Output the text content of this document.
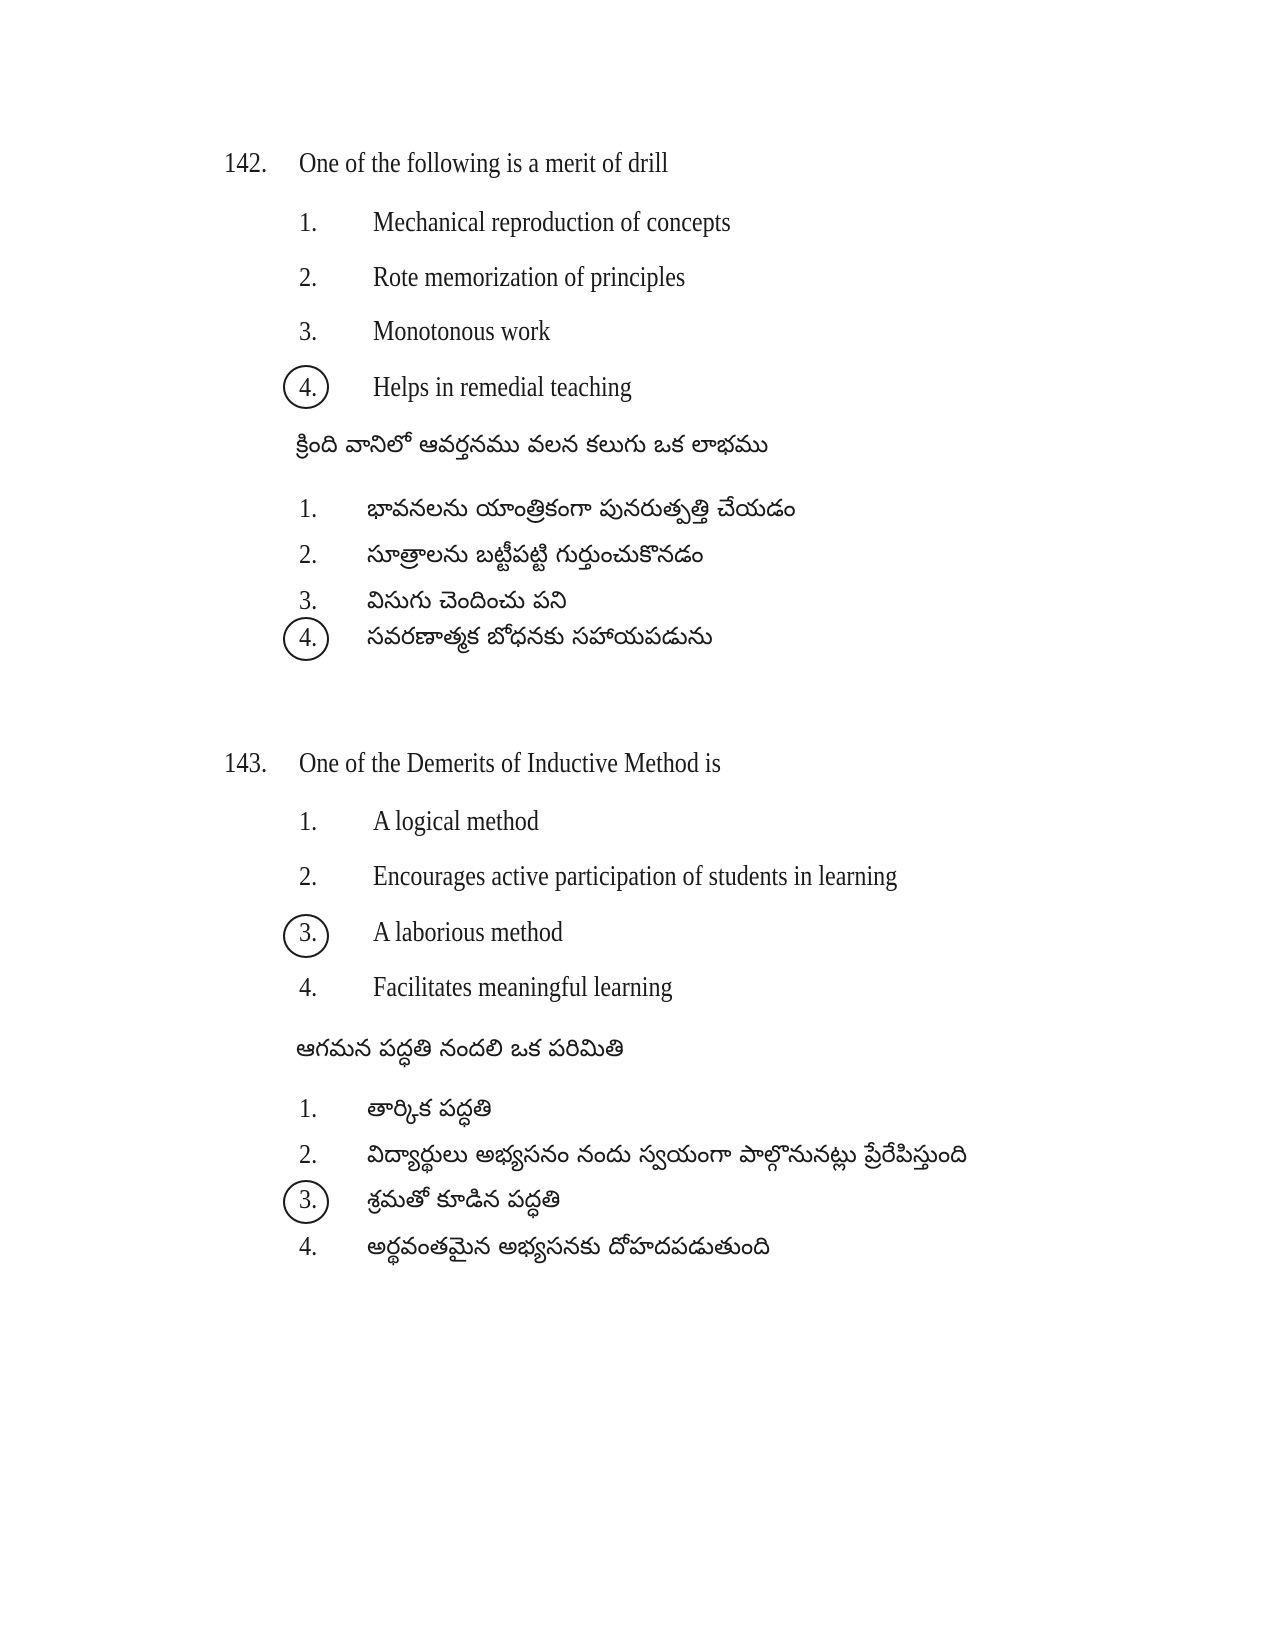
142. One of the following is a merit of drill
1. Mechanical reproduction of concepts
2. Rote memorization of principles
3. Monotonous work
4. Helps in remedial teaching
క్రింది వానిలో ఆవర్తనము వలన కలుగు ఒక లాభము
1. భావనలను యాంత్రికంగా పునరుత్పత్తి చేయడం
2. సూత్రాలను బట్టీపట్టి గుర్తుంచుకొనడం
3. విసుగు చెందించు పని
4. సవరణాత్మక బోధనకు సహాయపడును
143. One of the Demerits of Inductive Method is
1. A logical method
2. Encourages active participation of students in learning
3. A laborious method
4. Facilitates meaningful learning
ఆగమన పద్ధతి నందలి ఒక పరిమితి
1. తార్కిక పద్ధతి
2. విద్యార్థులు అభ్యసనం నందు స్వయంగా పాల్గొనునట్లు ప్రేరేపిస్తుంది
3. శ్రమతో కూడిన పద్ధతి
4. అర్థవంతమైన అభ్యసనకు దోహదపడుతుంది
